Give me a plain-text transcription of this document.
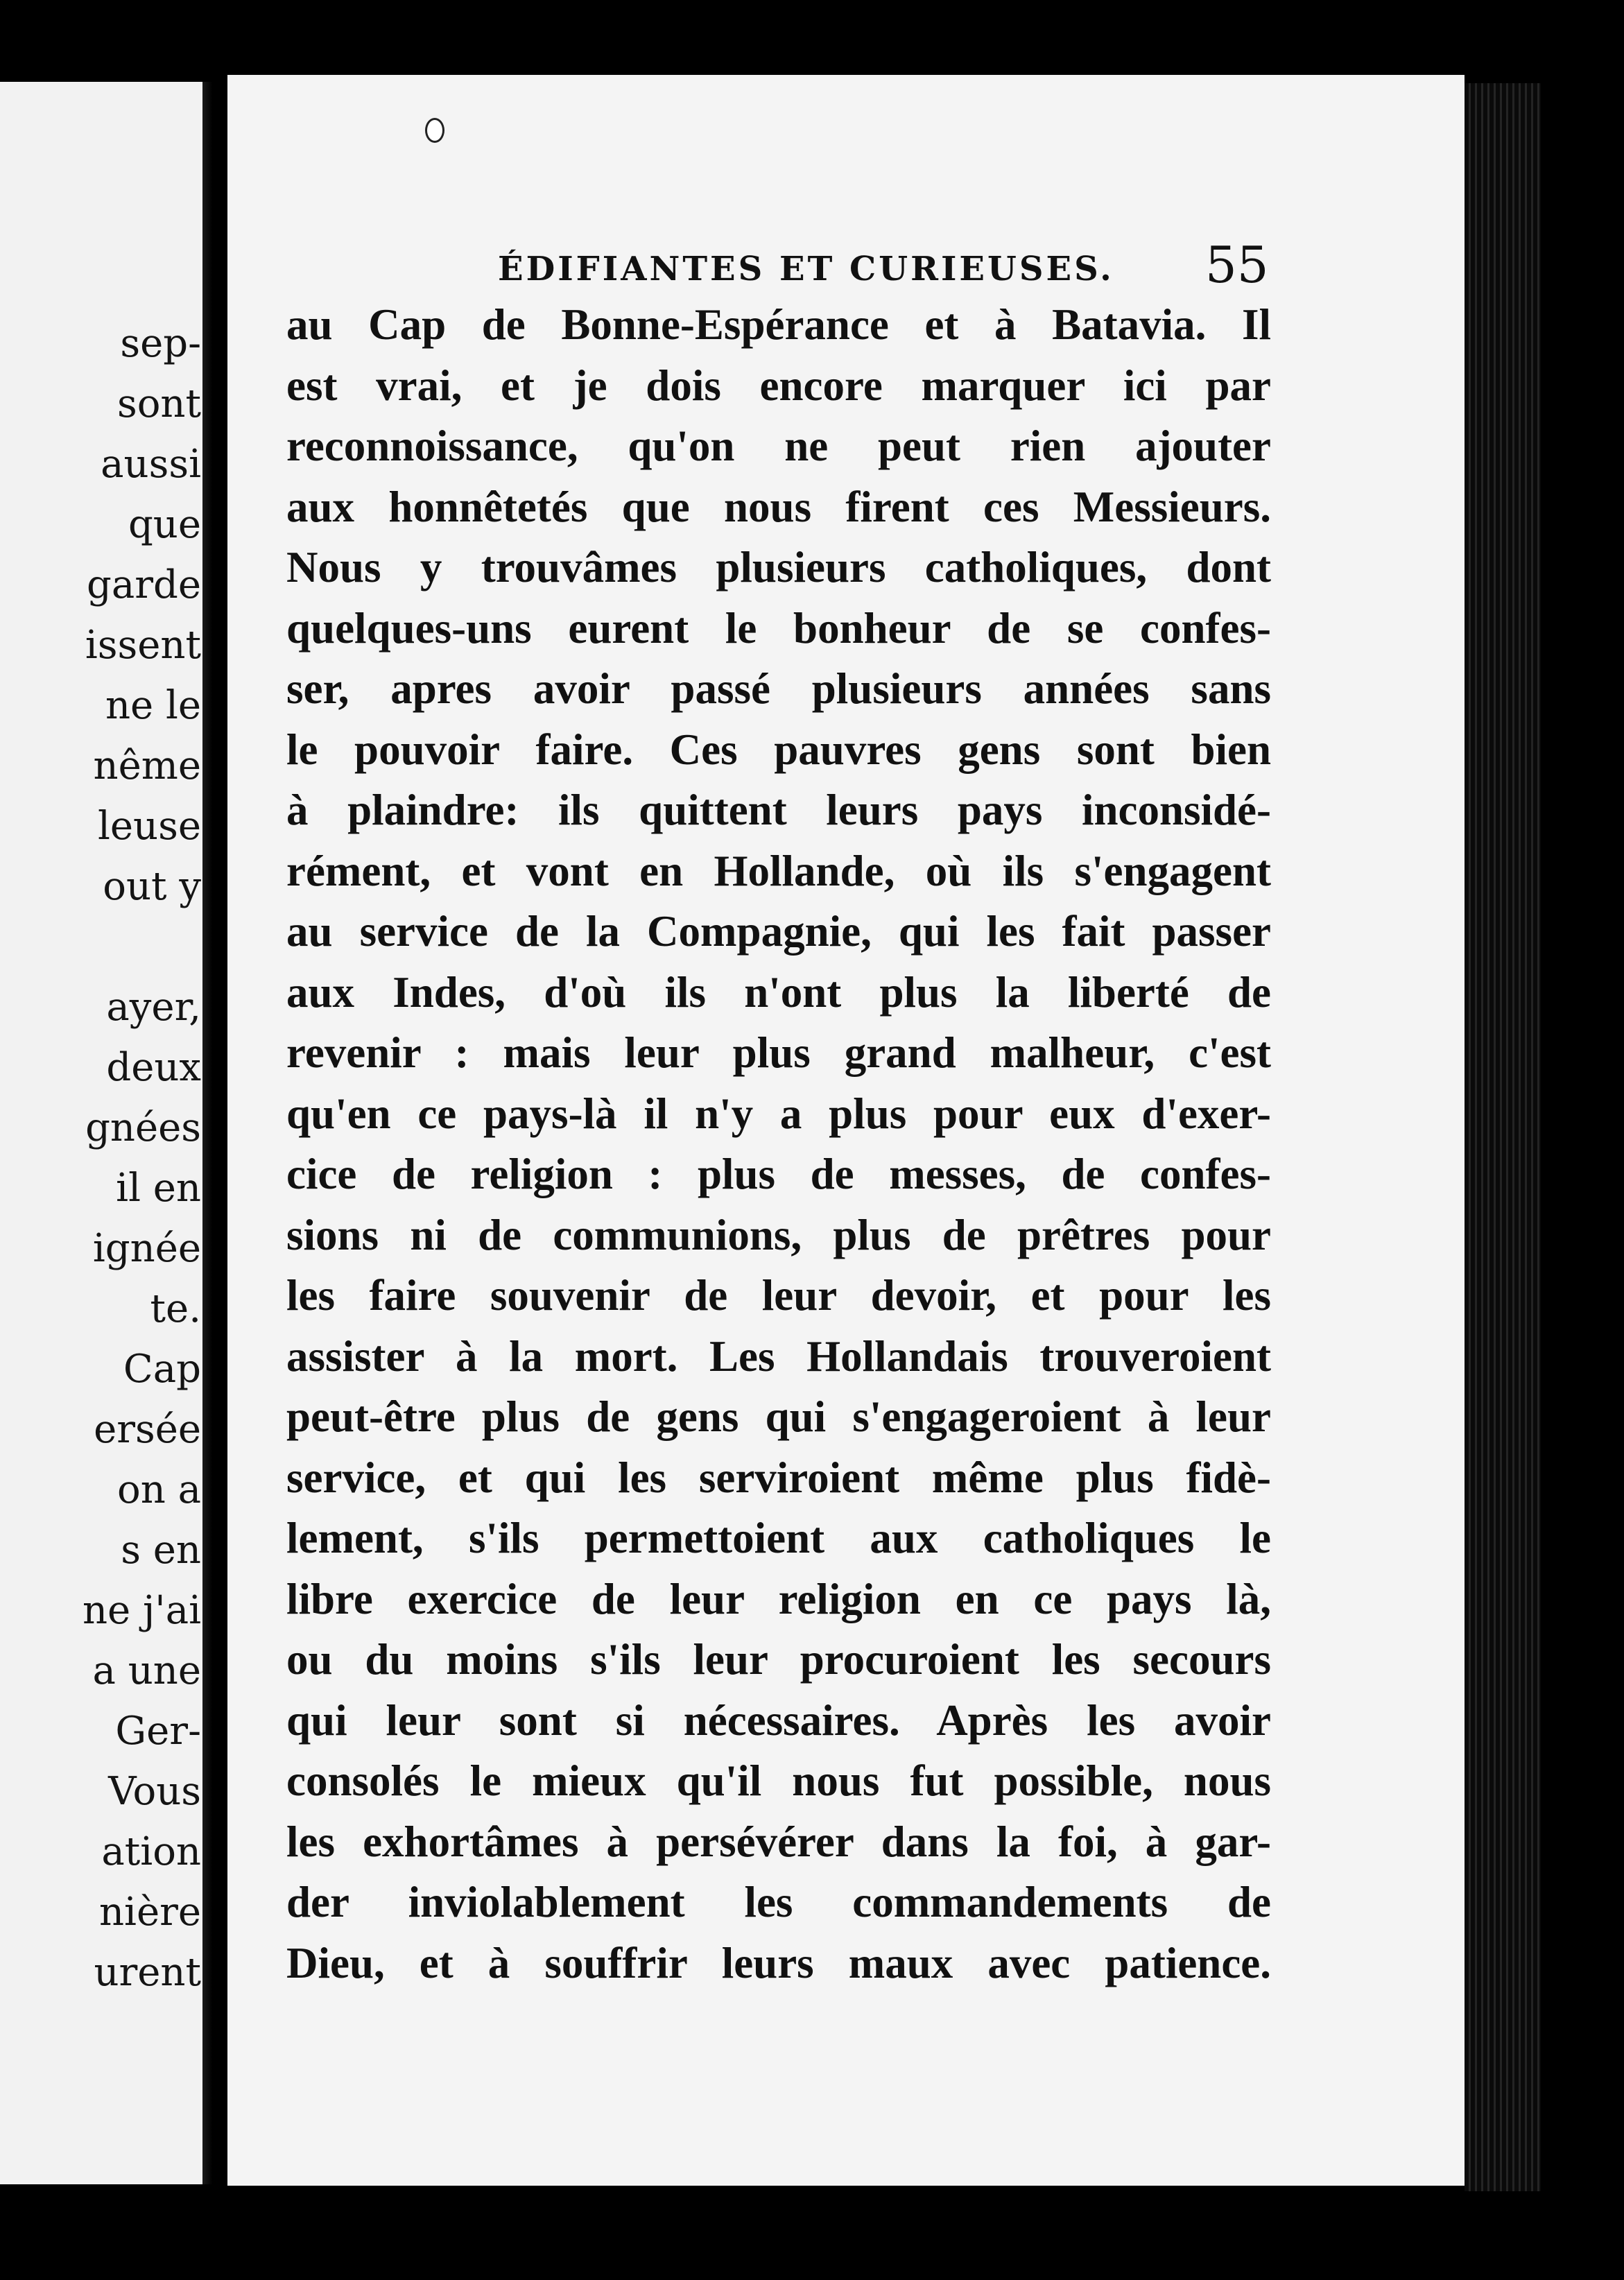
sep-
sont
aussi
que
garde
issent
ne le
nême
leuse
out y
ayer,
deux
gnées
il en
ignée
te.
Cap
ersée
on a
s en
ne j'ai
a une
Ger-
Vous
ation
nière
urent
ÉDIFIANTES ET CURIEUSES. 55
au Cap de Bonne-Espérance et à Batavia. Il
est vrai, et je dois encore marquer ici par
reconnoissance, qu'on ne peut rien ajouter
aux honnêtetés que nous firent ces Messieurs.
Nous y trouvâmes plusieurs catholiques, dont
quelques-uns eurent le bonheur de se confes-
ser, apres avoir passé plusieurs années sans
le pouvoir faire. Ces pauvres gens sont bien
à plaindre: ils quittent leurs pays inconsidé-
rément, et vont en Hollande, où ils s'engagent
au service de la Compagnie, qui les fait passer
aux Indes, d'où ils n'ont plus la liberté de
revenir : mais leur plus grand malheur, c'est
qu'en ce pays-là il n'y a plus pour eux d'exer-
cice de religion : plus de messes, de confes-
sions ni de communions, plus de prêtres pour
les faire souvenir de leur devoir, et pour les
assister à la mort. Les Hollandais trouveroient
peut-être plus de gens qui s'engageroient à leur
service, et qui les serviroient même plus fidè-
lement, s'ils permettoient aux catholiques le
libre exercice de leur religion en ce pays là,
ou du moins s'ils leur procuroient les secours
qui leur sont si nécessaires. Après les avoir
consolés le mieux qu'il nous fut possible, nous
les exhortâmes à persévérer dans la foi, à gar-
der inviolablement les commandements de
Dieu, et à souffrir leurs maux avec patience.
